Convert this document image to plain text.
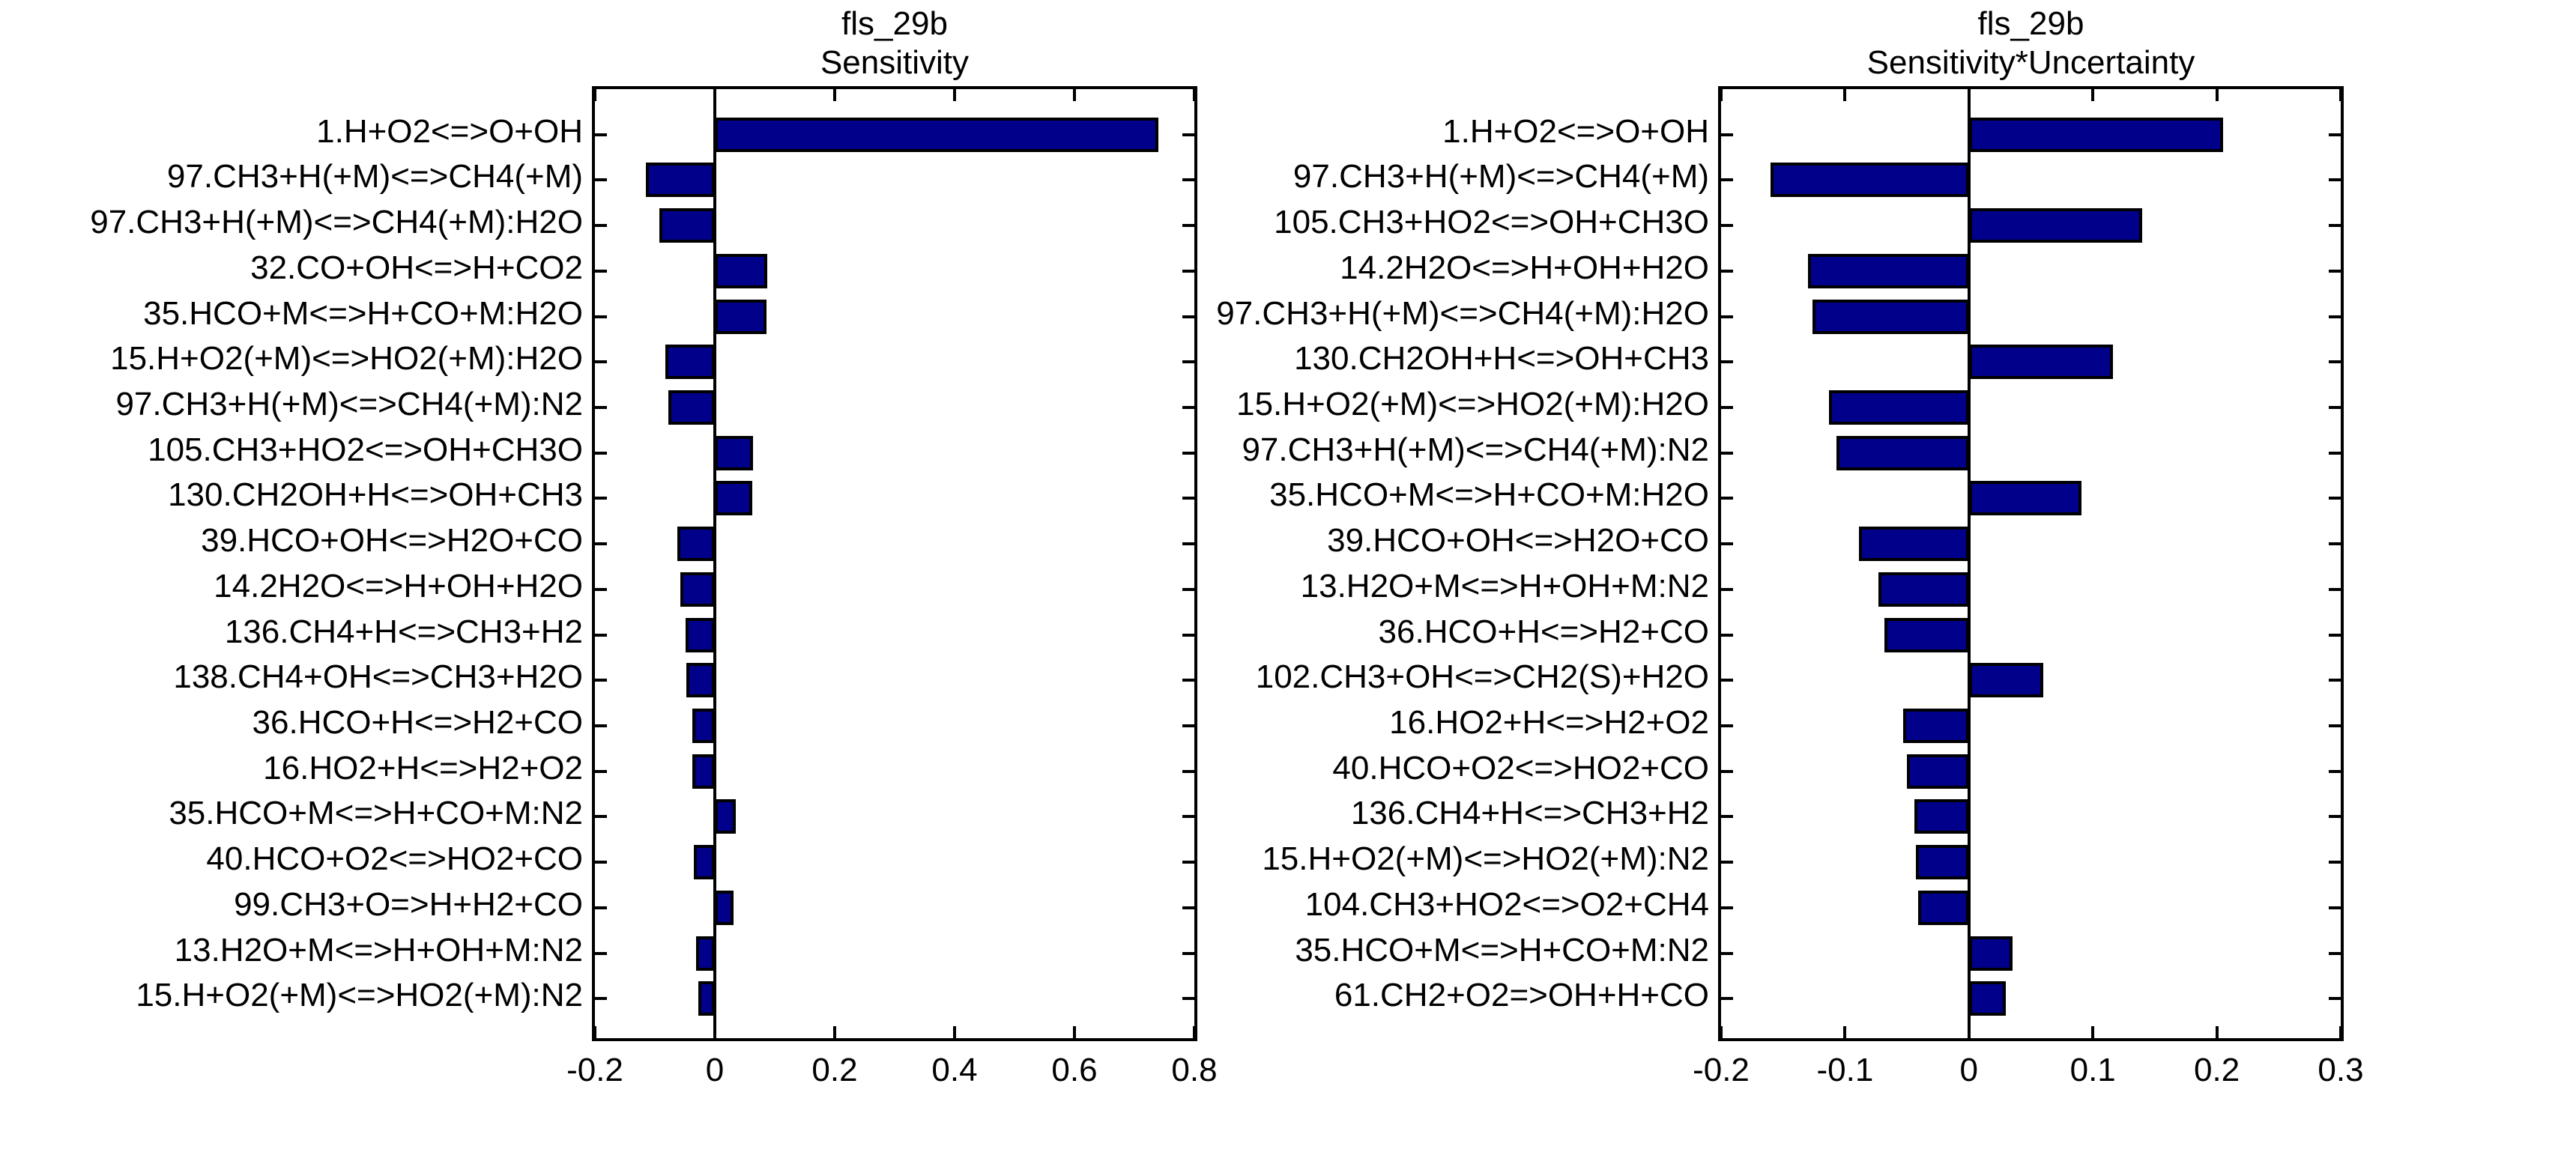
fls_29b
Sensitivity
fls_29b
Sensitivity*Uncertainty
-0.2 0	0.2 0.4 0.6 0.8
1.H+O2<=>O+OH
97.CH3+H(+M)<=>CH4(+M)
97.CH3+H(+M)<=>CH4(+M):H2O
32.CO+OH<=>H+CO2
35.HCO+M<=>H+CO+M:H2O
15.H+O2(+M)<=>HO2(+M):H2O
97.CH3+H(+M)<=>CH4(+M):N2
105.CH3+HO2<=>OH+CH3O
130.CH2OH+H<=>OH+CH3
39.HCO+OH<=>H2O+CO
14.2H2O<=>H+OH+H2O
136.CH4+H<=>CH3+H2
138.CH4+OH<=>CH3+H2O
36.HCO+H<=>H2+CO
16.HO2+H<=>H2+O2
35.HCO+M<=>H+CO+M:N2
40.HCO+O2<=>HO2+CO
99.CH3+O=>H+H2+CO
13.H2O+M<=>H+OH+M:N2
15.H+O2(+M)<=>HO2(+M):N2
-0.2 -0.1	0	0.1 0.2 0.3
1.H+O2<=>O+OH
97.CH3+H(+M)<=>CH4(+M)
105.CH3+HO2<=>OH+CH3O
14.2H2O<=>H+OH+H2O
97.CH3+H(+M)<=>CH4(+M):H2O
130.CH2OH+H<=>OH+CH3
15.H+O2(+M)<=>HO2(+M):H2O
97.CH3+H(+M)<=>CH4(+M):N2
35.HCO+M<=>H+CO+M:H2O
39.HCO+OH<=>H2O+CO
13.H2O+M<=>H+OH+M:N2
36.HCO+H<=>H2+CO
102.CH3+OH<=>CH2(S)+H2O
16.HO2+H<=>H2+O2
40.HCO+O2<=>HO2+CO
136.CH4+H<=>CH3+H2
15.H+O2(+M)<=>HO2(+M):N2
104.CH3+HO2<=>O2+CH4
35.HCO+M<=>H+CO+M:N2
61.CH2+O2=>OH+H+CO
